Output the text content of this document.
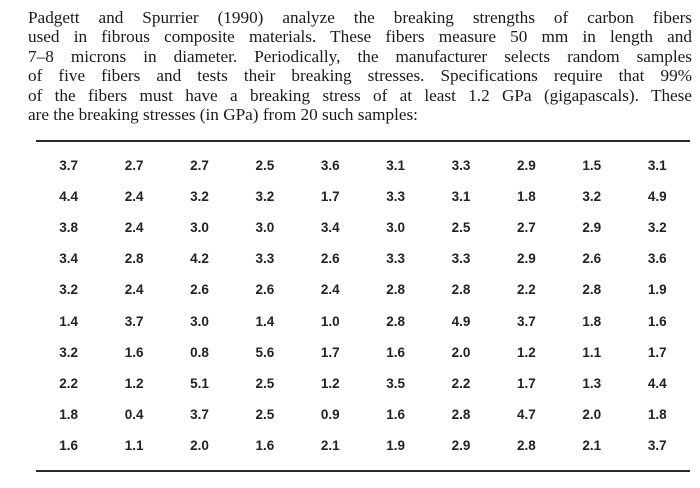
Padgett and Spurrier (1990) analyze the breaking strengths of carbon fibers
used in fibrous composite materials. These fibers measure 50 mm in length and
7–8 microns in diameter. Periodically, the manufacturer selects random samples
of five fibers and tests their breaking stresses. Specifications require that 99%
of the fibers must have a breaking stress of at least 1.2 GPa (gigapascals). These
are the breaking stresses (in GPa) from 20 such samples:
3.7	2.7	2.7	2.5	3.6	3.1	3.3	2.9	1.5	3.1
4.4	2.4	3.2	3.2	1.7	3.3	3.1	1.8	3.2	4.9
3.8	2.4	3.0	3.0	3.4	3.0	2.5	2.7	2.9	3.2
3.4	2.8	4.2	3.3	2.6	3.3	3.3	2.9	2.6	3.6
3.2	2.4	2.6	2.6	2.4	2.8	2.8	2.2	2.8	1.9
1.4	3.7	3.0	1.4	1.0	2.8	4.9	3.7	1.8	1.6
3.2	1.6	0.8	5.6	1.7	1.6	2.0	1.2	1.1	1.7
2.2	1.2	5.1	2.5	1.2	3.5	2.2	1.7	1.3	4.4
1.8	0.4	3.7	2.5	0.9	1.6	2.8	4.7	2.0	1.8
1.6	1.1	2.0	1.6	2.1	1.9	2.9	2.8	2.1	3.7
